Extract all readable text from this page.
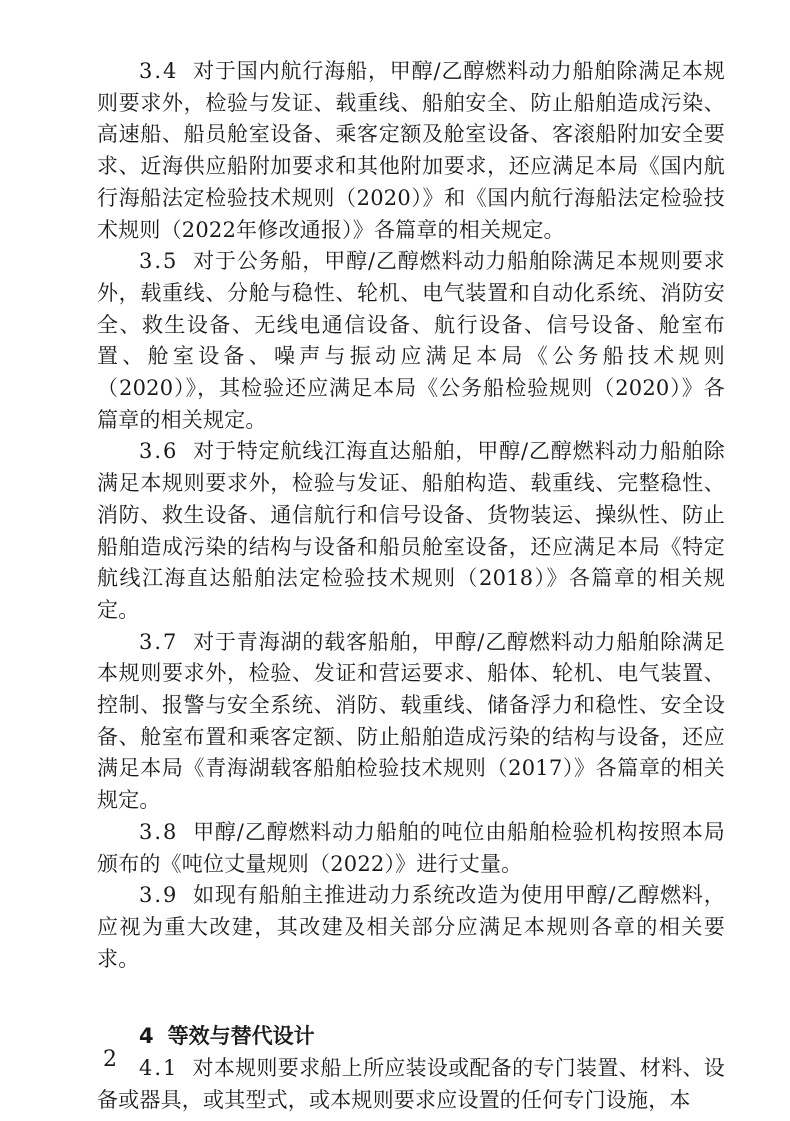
3.4 对于国内航行海船，甲醇/乙醇燃料动力船舶除满足本规则要求外，检验与发证、载重线、船舶安全、防止船舶造成污染、高速船、船员舱室设备、乘客定额及舱室设备、客滚船附加安全要求、近海供应船附加要求和其他附加要求，还应满足本局《国内航行海船法定检验技术规则（2020）》和《国内航行海船法定检验技术规则（2022年修改通报）》各篇章的相关规定。

3.5 对于公务船，甲醇/乙醇燃料动力船舶除满足本规则要求外，载重线、分舱与稳性、轮机、电气装置和自动化系统、消防安全、救生设备、无线电通信设备、航行设备、信号设备、舱室布置、舱室设备、噪声与振动应满足本局《公务船技术规则（2020）》，其检验还应满足本局《公务船检验规则（2020）》各篇章的相关规定。

3.6 对于特定航线江海直达船舶，甲醇/乙醇燃料动力船舶除满足本规则要求外，检验与发证、船舶构造、载重线、完整稳性、消防、救生设备、通信航行和信号设备、货物装运、操纵性、防止船舶造成污染的结构与设备和船员舱室设备，还应满足本局《特定航线江海直达船舶法定检验技术规则（2018）》各篇章的相关规定。

3.7 对于青海湖的载客船舶，甲醇/乙醇燃料动力船舶除满足本规则要求外，检验、发证和营运要求、船体、轮机、电气装置、控制、报警与安全系统、消防、载重线、储备浮力和稳性、安全设备、舱室布置和乘客定额、防止船舶造成污染的结构与设备，还应满足本局《青海湖载客船舶检验技术规则（2017）》各篇章的相关规定。

3.8 甲醇/乙醇燃料动力船舶的吨位由船舶检验机构按照本局颁布的《吨位丈量规则（2022）》进行丈量。

3.9 如现有船舶主推进动力系统改造为使用甲醇/乙醇燃料，应视为重大改建，其改建及相关部分应满足本规则各章的相关要求。

4 等效与替代设计

4.1 对本规则要求船上所应装设或配备的专门装置、材料、设备或器具，或其型式，或本规则要求应设置的任何专门设施，本

2
